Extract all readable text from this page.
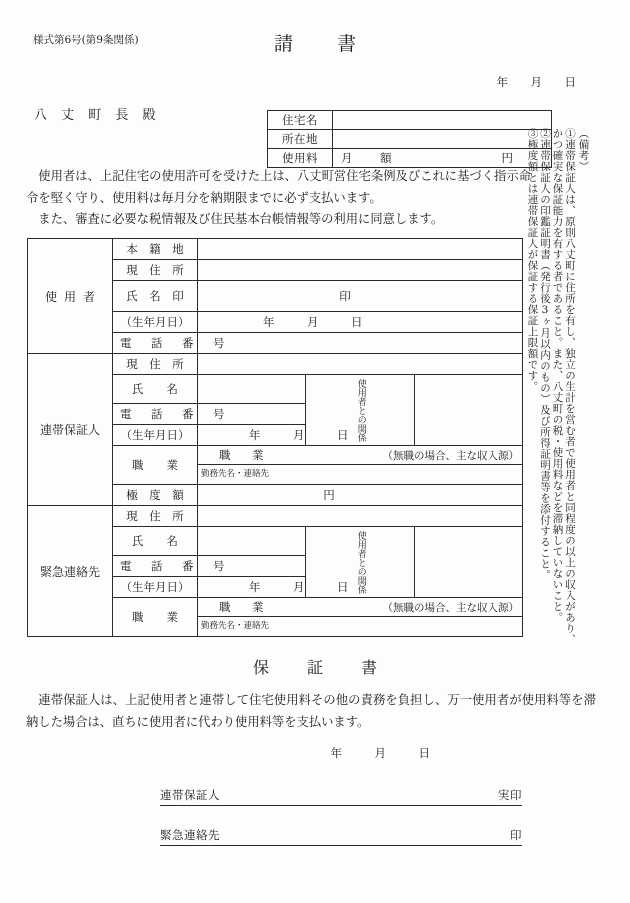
様式第6号(第9条関係)	請書
年 月 日
八 丈 町 長 殿	住宅名	
所在地	
使用料	月　額 円

使用者は、上記住宅の使用許可を受けた上は、八丈町営住宅条例及びこれに基づく指示命令を堅く守り、使用料は毎月分を納期限までに必ず支払います。

また、審査に必要な税情報及び住民基本台帳情報等の利用に同意します。

（備考）
①連帯保証人は、原則八丈町に住所を有し、独立の生計を営む者で使用者と同程度の以上の収入があり、
かつ確実な保証能力を有する者であること。また、八丈町の税・使用料などを滞納していないこと。
②連帯保証人の印鑑証明書（発行後3ヶ月以内のもの）及び所得証明書等を添付すること。
③極度額とは連帯保証人が保証する保証上限額です。
使用者	本　籍　地			
	現　住　所			
	氏　名　印	印		

	（生年月日）	年 月 日		
	電　話　番　号			
連帯保証人	現　住　所			
	氏　　名		使用者との関係	

	電　話　番　号			
	（生年月日）	年 月 日		
	職　　業	職　業 （無職の場合、主な収入源）
勤務先名・連絡先		

	極　度　額	円		

緊急連絡先	現　住　所			
	氏　　名		使用者との関係	

	電　話　番　号			
	（生年月日）	年 月 日		
	職　　業	職　業 （無職の場合、主な収入源）
勤務先名・連絡先		
保証書

連帯保証人は、上記使用者と連帯して住宅使用料その他の責務を負担し、万一使用者が使用料等を滞納した場合は、直ちに使用者に代わり使用料等を支払います。

年	月	日
連帯保証人	実印
緊急連絡先	印
